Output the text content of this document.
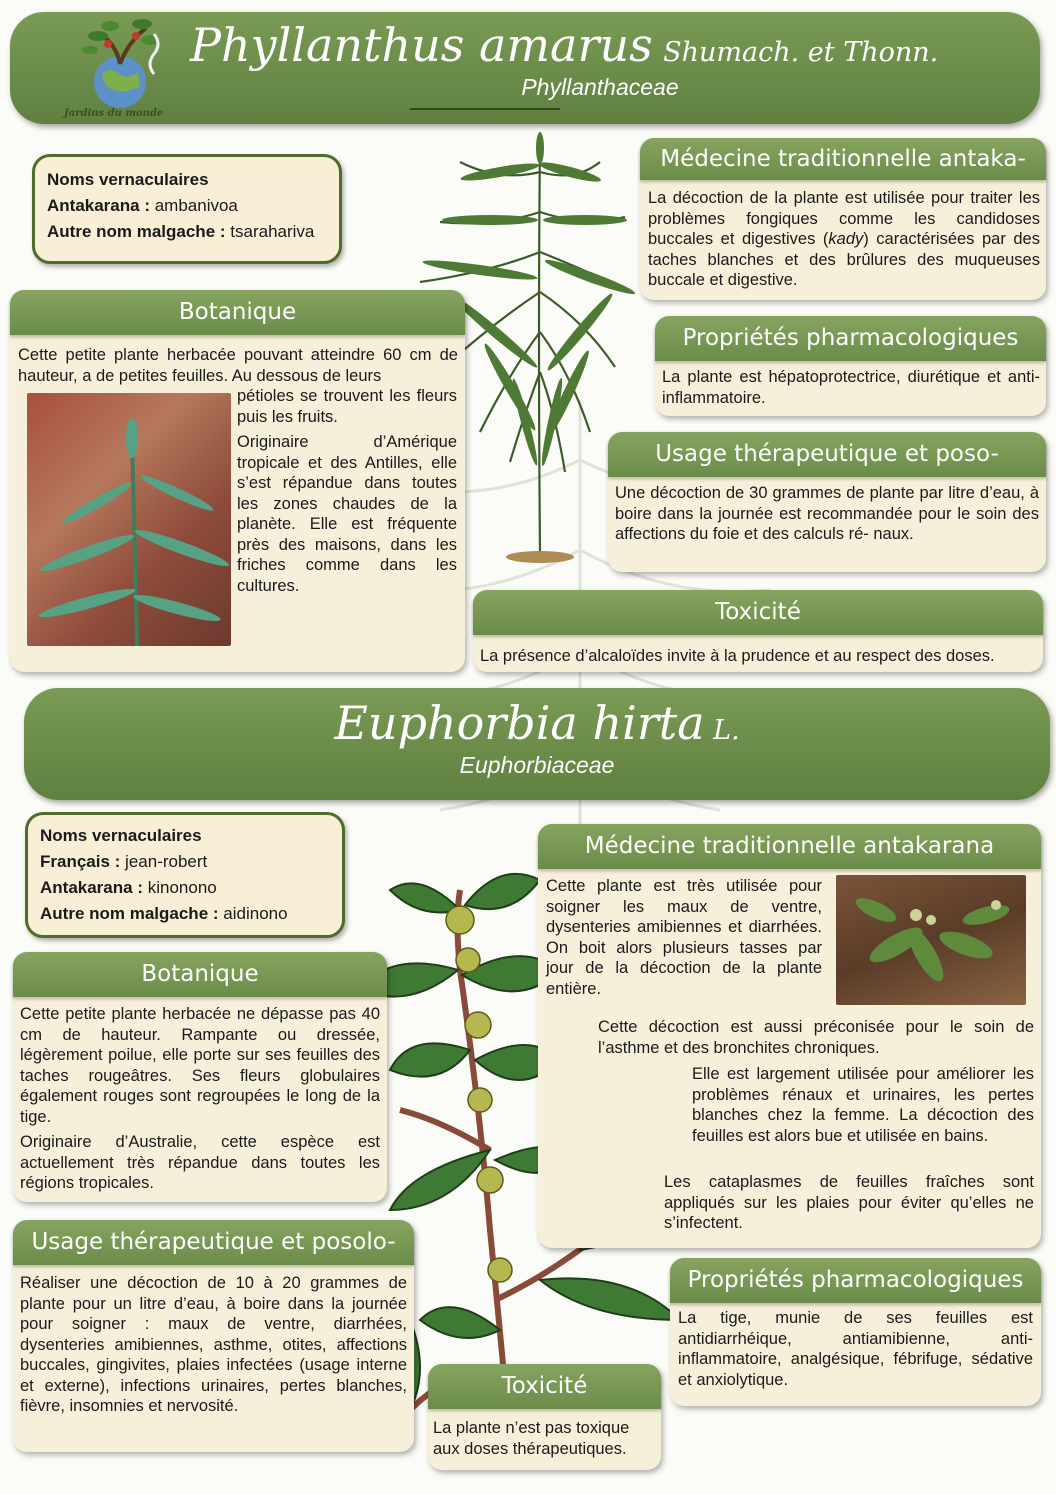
Jardins du monde
Phyllanthus amarus Shumach. et Thonn.
Phyllanthaceae
Noms vernaculaires
Antakarana : ambanivoa
Autre nom malgache : tsarahariva
Botanique
Cette petite plante herbacée pouvant atteindre 60 cm de hauteur, a de petites feuilles. Au dessous de leurs

pétioles se trouvent les fleurs puis les fruits.

Originaire d’Amérique tropicale et des Antilles, elle s’est répandue dans toutes les zones chaudes de la planète. Elle est fréquente près des maisons, dans les friches comme dans les cultures.

Médecine traditionnelle antaka-
La décoction de la plante est utilisée pour traiter les problèmes fongiques comme les candidoses buccales et digestives (kady) caractérisées par des taches blanches et des brûlures des muqueuses buccale et digestive.
Propriétés pharmacologiques
La plante est hépatoprotectrice, diurétique et anti-inflammatoire.
Usage thérapeutique et poso-
Une décoction de 30 grammes de plante par litre d’eau, à boire dans la journée est recommandée pour le soin des affections du foie et des calculs ré- naux.
Toxicité
La présence d’alcaloïdes invite à la prudence et au respect des doses.
Euphorbia hirta L.
Euphorbiaceae
Noms vernaculaires
Français : jean-robert
Antakarana : kinonono
Autre nom malgache : aidinono
Botanique

Cette petite plante herbacée ne dépasse pas 40 cm de hauteur. Rampante ou dressée, légèrement poilue, elle porte sur ses feuilles des taches rougeâtres. Ses fleurs globulaires également rouges sont regroupées le long de la tige.

Originaire d’Australie, cette espèce est actuellement très répandue dans toutes les régions tropicales.

Usage thérapeutique et posolo-
Réaliser une décoction de 10 à 20 grammes de plante pour un litre d’eau, à boire dans la journée pour soigner : maux de ventre, diarrhées, dysenteries amibiennes, asthme, otites, affections buccales, gingivites, plaies infectées (usage interne et externe), infections urinaires, pertes blanches, fièvre, insomnies et nervosité.
Toxicité
La plante n’est pas toxique aux doses thérapeutiques.
Médecine traditionnelle antakarana
Cette plante est très utilisée pour soigner les maux de ventre, dysenteries amibiennes et diarrhées. On boit alors plusieurs tasses par jour de la décoction de la plante entière.
Cette décoction est aussi préconisée pour le soin de l’asthme et des bronchites chroniques.
Elle est largement utilisée pour améliorer les problèmes rénaux et urinaires, les pertes blanches chez la femme. La décoction des feuilles est alors bue et utilisée en bains.
Les cataplasmes de feuilles fraîches sont appliqués sur les plaies pour éviter qu’elles ne s’infectent.
Propriétés pharmacologiques
La tige, munie de ses feuilles est antidiarrhéique, antiamibienne, anti-inflammatoire, analgésique, fébrifuge, sédative et anxiolytique.
